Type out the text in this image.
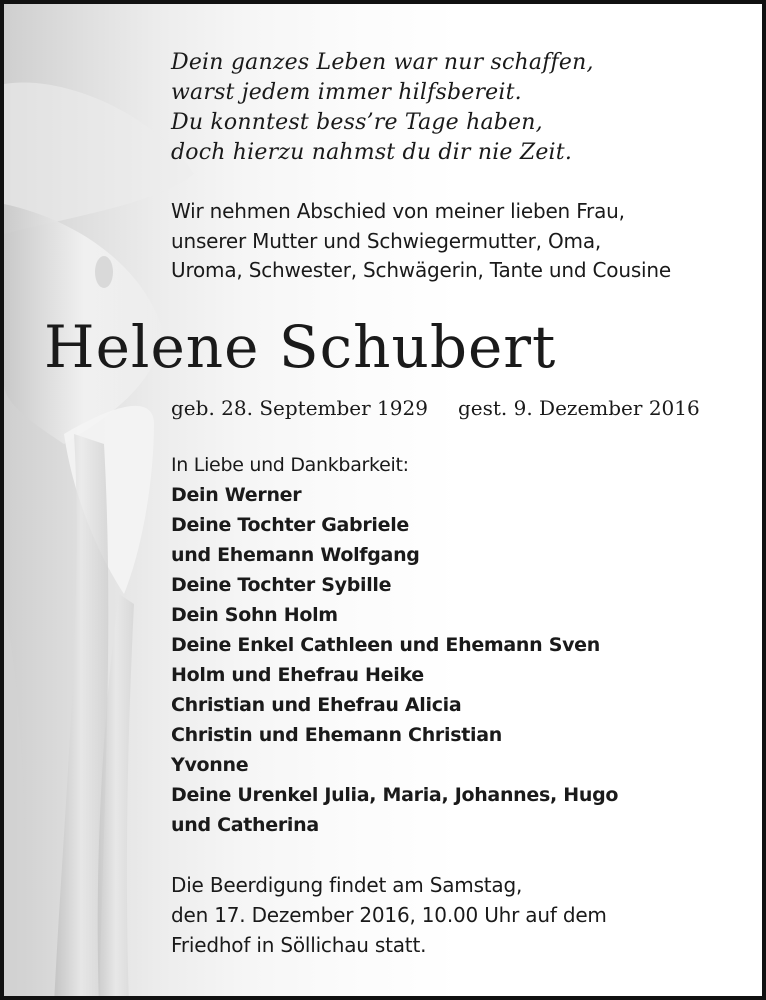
Dein ganzes Leben war nur schaffen,
warst jedem immer hilfsbereit.
Du konntest bess’re Tage haben,
doch hierzu nahmst du dir nie Zeit.
Wir nehmen Abschied von meiner lieben Frau,
unserer Mutter und Schwiegermutter, Oma,
Uroma, Schwester, Schwägerin, Tante und Cousine
Helene Schubert
geb. 28. September 1929 gest. 9. Dezember 2016
In Liebe und Dankbarkeit:
Dein Werner
Deine Tochter Gabriele
und Ehemann Wolfgang
Deine Tochter Sybille
Dein Sohn Holm
Deine Enkel Cathleen und Ehemann Sven
Holm und Ehefrau Heike
Christian und Ehefrau Alicia
Christin und Ehemann Christian
Yvonne
Deine Urenkel Julia, Maria, Johannes, Hugo
und Catherina
Die Beerdigung findet am Samstag,
den 17. Dezember 2016, 10.00 Uhr auf dem
Friedhof in Söllichau statt.
